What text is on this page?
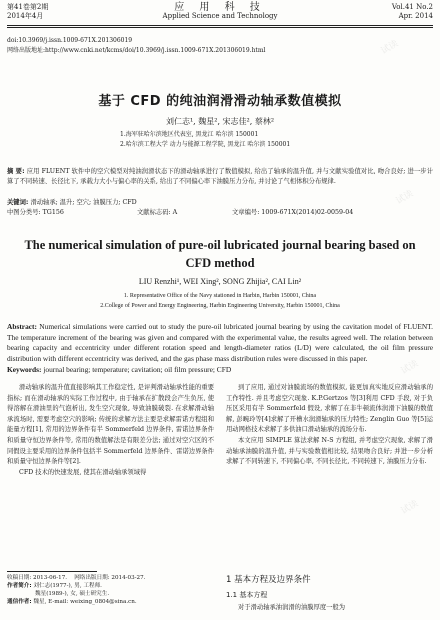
第41卷第2期
2014年4月
应 用 科 技
Applied Science and Technology
Vol.41 No.2
Apr. 2014
doi:10.3969/j.issn.1009-671X.201306019
网络出版地址:http://www.cnki.net/kcms/doi/10.3969/j.issn.1009-671X.201306019.html
基于 CFD 的纯油润滑滑动轴承数值模拟
刘仁志¹, 魏星², 宋志佳², 蔡林²
1.海军驻哈尔滨地区代表室, 黑龙江 哈尔滨 150001
2.哈尔滨工程大学 动力与能源工程学院, 黑龙江 哈尔滨 150001
摘 要: 应用 FLUENT 软件中的空穴模型对纯油润滑状态下的滑动轴承进行了数值模拟, 给出了轴承的温升值, 并与文献实验值对比, 吻合良好; 进一步计算了不同转速、长径比下, 承载力大小与偏心率的关系, 给出了不同偏心率下油膜压力分布, 并讨论了气相体积分布规律.
关键词: 滑动轴承; 温升; 空穴; 油膜压力; CFD
中图分类号: TG156	文献标志码: A	文章编号: 1009-671X(2014)02-0059-04
The numerical simulation of pure-oil lubricated journal bearing based on CFD method
LIU Renzhi¹, WEI Xing², SONG Zhijia², CAI Lin²
1. Representative Office of the Navy stationed in Harbin, Harbin 150001, China
2.College of Power and Energy Engineering, Harbin Engineering University, Harbin 150001, China
Abstract: Numerical simulations were carried out to study the pure-oil lubricated journal bearing by using the cavitation model of FLUENT. The temperature increment of the bearing was given and compared with the experimental value, the results agreed well. The relation between bearing capacity and eccentricity under different rotation speed and length-diameter ratios (L/D) were calculated, the oil film pressure distribution with different eccentricity was derived, and the gas phase mass distribution rules were discussed in this paper.
Keywords: journal bearing; temperature; cavitation; oil film pressure; CFD

滑动轴承的温升值直接影响其工作稳定性, 是评判滑动轴承性能的重要指标; 而在滑动轴承的实际工作过程中, 由于轴承在扩散段会产生负压, 使得溶解在滑油里的气泡析出, 发生空穴现象, 导致油膜破裂. 在求解滑动轴承流场时, 需要考虑空穴的影响; 传统的求解方法主要是求解雷诺方程组和能量方程[1], 常用的边界条件有半 Sommerfeld 边界条件, 雷诺边界条件和质量守恒边界条件等, 常用的数值解法是有限差分法; 通过对空穴区的不同假设主要采用的边界条件包括半 Sommerfeld 边界条件、雷诺边界条件和质量守恒边界条件等[2].

CFD 技术的快速发展, 使其在滑动轴承领域得

到了应用, 通过对油膜流场的数值模拟, 能更加真实地反应滑动轴承的工作特性. 并且考虑空穴现象. K.P.Gertzos 等[3]利用 CFD 手段, 对于负压区采用有半 Sommerfeld 假设, 求解了在非牛顿流体润滑下油膜的数值解, 彭畹玲等[4]求解了开槽水润滑轴承的压力特性; Zenglin Guo 等[5]运用动网格技术求解了多供油口滑动轴承的流场分布.

本文应用 SIMPLE 算法求解 N-S 方程组, 并考虑空穴现象, 求解了滑动轴承油膜的温升值, 并与实验数值相比较, 结果吻合良好; 并进一步分析求解了不同转速下, 不同偏心率, 不同长径比, 不同转速下, 油膜压力分布.

收稿日期: 2013-06-17. 网络出版日期: 2014-03-27.
作者简介: 刘仁志(1977-), 男, 工程师.
魏星(1989-), 女, 硕士研究生.
通信作者: 魏星, E-mail: weixing_0804@sina.cn.
1 基本方程及边界条件
1.1 基本方程
对于滑动轴承油润滑的油膜厚度一般为
试读
试读
试读
试读
